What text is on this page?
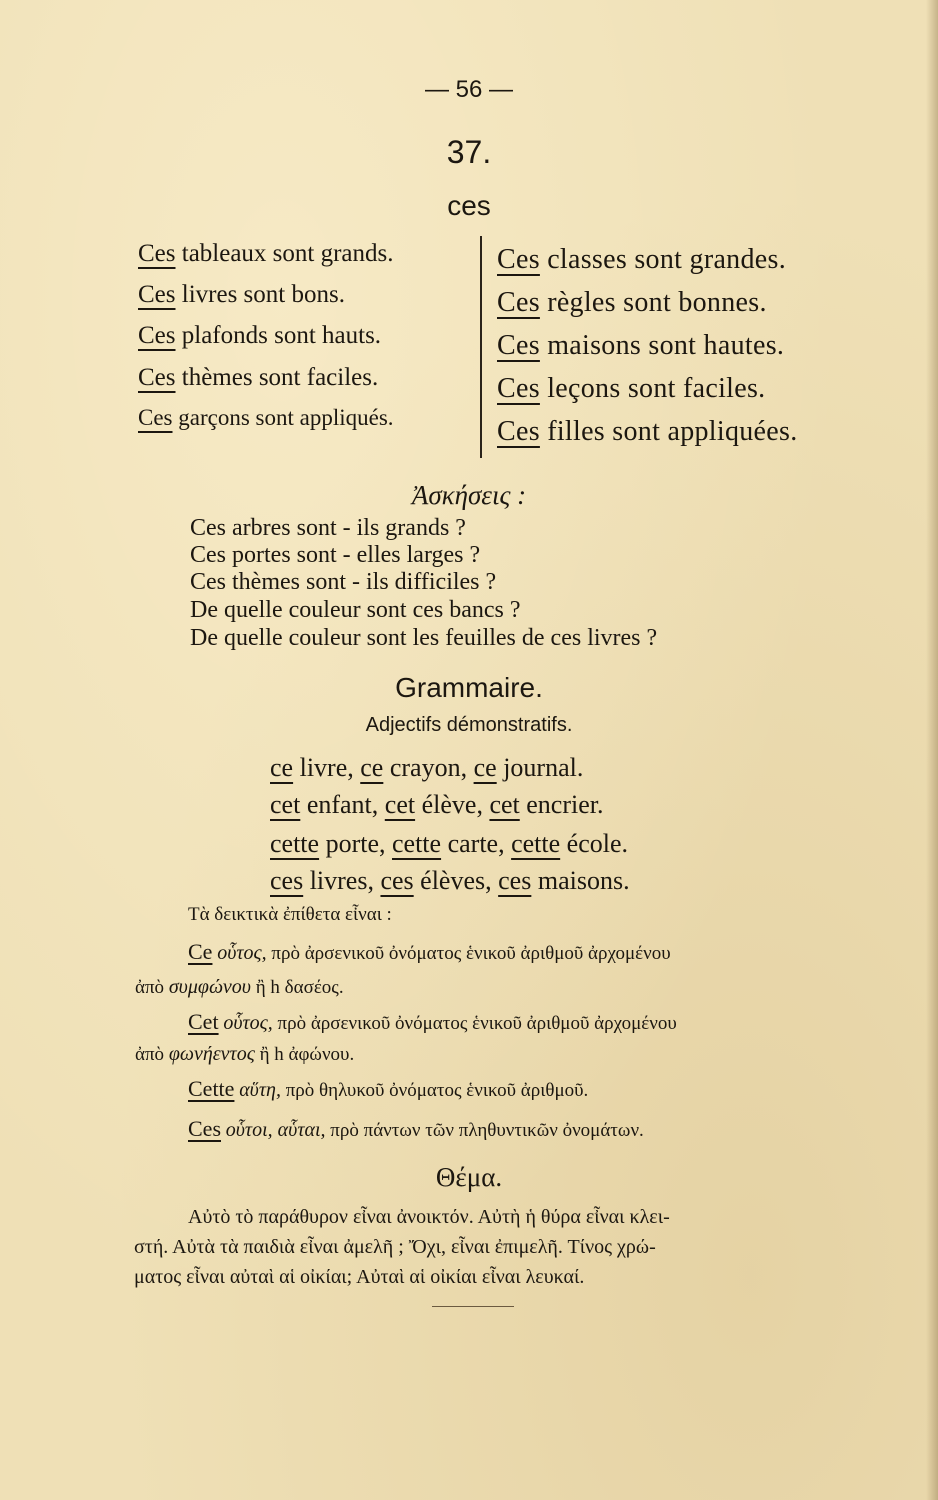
— 56 —
37.
ces
Ces tableaux sont grands.
Ces livres sont bons.
Ces plafonds sont hauts.
Ces thèmes sont faciles.
Ces garçons sont appliqués.
Ces classes sont grandes.
Ces règles sont bonnes.
Ces maisons sont hautes.
Ces leçons sont faciles.
Ces filles sont appliquées.
Ἀσκήσεις :
Ces arbres sont - ils grands ?
Ces portes sont - elles larges ?
Ces thèmes sont - ils difficiles ?
De quelle couleur sont ces bancs ?
De quelle couleur sont les feuilles de ces livres ?
Grammaire.
Adjectifs démonstratifs.
ce livre, ce crayon, ce journal.
cet enfant, cet élève, cet encrier.
cette porte, cette carte, cette école.
ces livres, ces élèves, ces maisons.
Τὰ δεικτικὰ ἐπίθετα εἶναι :
Ce οὗτος, πρὸ ἀρσενικοῦ ὀνόματος ἑνικοῦ ἀριθμοῦ ἀρχομένου
ἀπὸ συμφώνου ἢ h δασέος.
Cet οὗτος, πρὸ ἀρσενικοῦ ὀνόματος ἑνικοῦ ἀριθμοῦ ἀρχομένου
ἀπὸ φωνήεντος ἢ h ἀφώνου.
Cette αὕτη, πρὸ θηλυκοῦ ὀνόματος ἑνικοῦ ἀριθμοῦ.
Ces οὗτοι, αὗται, πρὸ πάντων τῶν πληθυντικῶν ὀνομάτων.
Θέμα.
Αὐτὸ τὸ παράθυρον εἶναι ἀνοικτόν. Αὐτὴ ἡ θύρα εἶναι κλει-
στή. Αὐτὰ τὰ παιδιὰ εἶναι ἀμελῆ ; Ὄχι, εἶναι ἐπιμελῆ. Τίνος χρώ-
ματος εἶναι αὐταὶ αἱ οἰκίαι; Αὐταὶ αἱ οἰκίαι εἶναι λευκαί.
